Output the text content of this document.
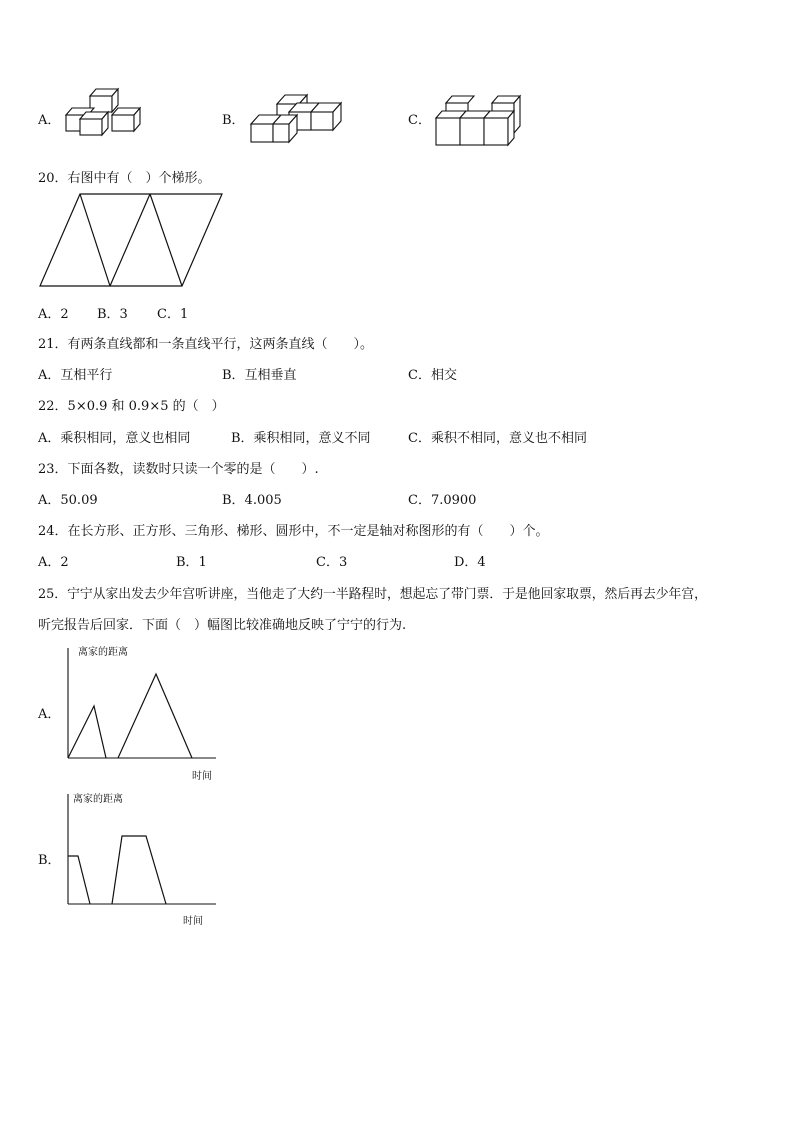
A．	B．	C．
20．右图中有（　）个梯形。
A．2 B．3 C．1
21．有两条直线都和一条直线平行，这两条直线（　　）。
A．互相平行	B．互相垂直	C．相交
22．5×0.9 和 0.9×5 的（　）
A．乘积相同，意义也相同	B．乘积相同，意义不同	C．乘积不相同，意义也不相同
23．下面各数，读数时只读一个零的是（　　）.
A．50.09	B．4.005	C．7.0900
24．在长方形、正方形、三角形、梯形、圆形中，不一定是轴对称图形的有（　　）个。
A．2	B．1	C．3	D．4
25．宁宁从家出发去少年宫听讲座，当他走了大约一半路程时，想起忘了带门票．于是他回家取票，然后再去少年宫，
听完报告后回家．下面（　）幅图比较准确地反映了宁宁的行为.
A．
离家的距离
时间
B．
离家的距离
时间
